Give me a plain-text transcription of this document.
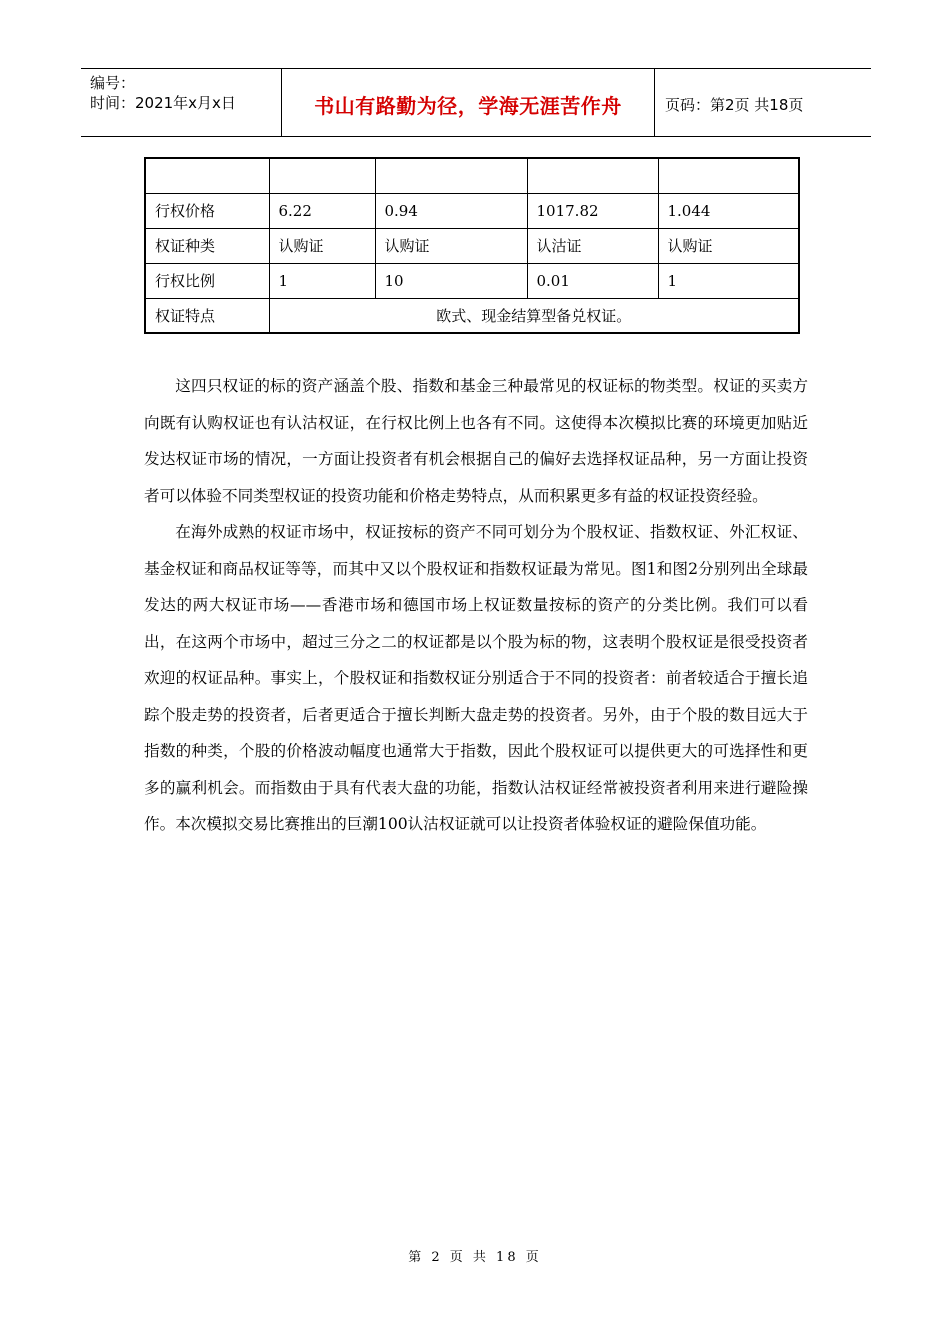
编号：
时间：2021年x月x日	书山有路勤为径，学海无涯苦作舟	页码：第2页 共18页

行权价格	6.22	0.94	1017.82	1.044
权证种类	认购证	认购证	认沽证	认购证
行权比例	1	10	0.01	1
权证特点	欧式、现金结算型备兑权证。			

这四只权证的标的资产涵盖个股、指数和基金三种最常见的权证标的物类型。权证的买卖方向既有认购权证也有认沽权证，在行权比例上也各有不同。这使得本次模拟比赛的环境更加贴近发达权证市场的情况，一方面让投资者有机会根据自己的偏好去选择权证品种，另一方面让投资者可以体验不同类型权证的投资功能和价格走势特点，从而积累更多有益的权证投资经验。

在海外成熟的权证市场中，权证按标的资产不同可划分为个股权证、指数权证、外汇权证、基金权证和商品权证等等，而其中又以个股权证和指数权证最为常见。图1和图2分别列出全球最发达的两大权证市场——香港市场和德国市场上权证数量按标的资产的分类比例。我们可以看出，在这两个市场中，超过三分之二的权证都是以个股为标的物，这表明个股权证是很受投资者欢迎的权证品种。事实上，个股权证和指数权证分别适合于不同的投资者：前者较适合于擅长追踪个股走势的投资者，后者更适合于擅长判断大盘走势的投资者。另外，由于个股的数目远大于指数的种类，个股的价格波动幅度也通常大于指数，因此个股权证可以提供更大的可选择性和更多的赢利机会。而指数由于具有代表大盘的功能，指数认沽权证经常被投资者利用来进行避险操作。本次模拟交易比赛推出的巨潮100认沽权证就可以让投资者体验权证的避险保值功能。

第 2 页 共 18 页
